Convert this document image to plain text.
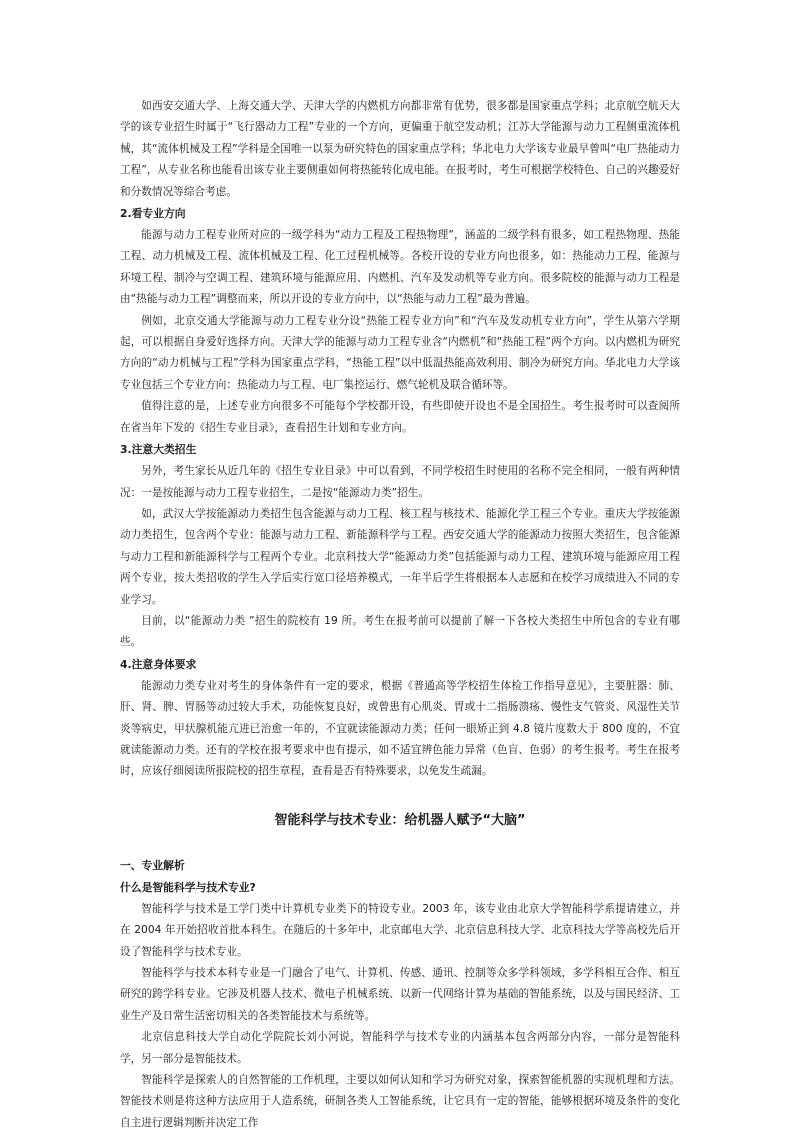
如西安交通大学、上海交通大学、天津大学的内燃机方向都非常有优势，很多都是国家重点学科；北京航空航天大学的该专业招生时属于“飞行器动力工程”专业的一个方向，更偏重于航空发动机；江苏大学能源与动力工程侧重流体机械，其“流体机械及工程”学科是全国唯一以泵为研究特色的国家重点学科；华北电力大学该专业最早曾叫“电厂热能动力工程”，从专业名称也能看出该专业主要侧重如何将热能转化成电能。在报考时，考生可根据学校特色、自己的兴趣爱好和分数情况等综合考虑。

2.看专业方向

能源与动力工程专业所对应的一级学科为“动力工程及工程热物理”，涵盖的二级学科有很多，如工程热物理、热能工程、动力机械及工程、流体机械及工程、化工过程机械等。各校开设的专业方向也很多，如：热能动力工程、能源与环境工程、制冷与空调工程、建筑环境与能源应用、内燃机、汽车及发动机等专业方向。很多院校的能源与动力工程是由“热能与动力工程”调整而来，所以开设的专业方向中，以“热能与动力工程”最为普遍。

例如，北京交通大学能源与动力工程专业分设“热能工程专业方向”和“汽车及发动机专业方向”，学生从第六学期起，可以根据自身爱好选择方向。天津大学的能源与动力工程专业含“内燃机”和“热能工程”两个方向。以内燃机为研究方向的“动力机械与工程”学科为国家重点学科，“热能工程”以中低温热能高效利用、制冷为研究方向。华北电力大学该专业包括三个专业方向：热能动力与工程、电厂集控运行、燃气轮机及联合循环等。

值得注意的是，上述专业方向很多不可能每个学校都开设，有些即使开设也不是全国招生。考生报考时可以查阅所在省当年下发的《招生专业目录》，查看招生计划和专业方向。

3.注意大类招生

另外，考生家长从近几年的《招生专业目录》中可以看到，不同学校招生时使用的名称不完全相同，一般有两种情况：一是按能源与动力工程专业招生，二是按“能源动力类”招生。

如，武汉大学按能源动力类招生包含能源与动力工程、核工程与核技术、能源化学工程三个专业。重庆大学按能源动力类招生，包含两个专业：能源与动力工程、新能源科学与工程。西安交通大学的能源动力按照大类招生，包含能源与动力工程和新能源科学与工程两个专业。北京科技大学“能源动力类”包括能源与动力工程、建筑环境与能源应用工程两个专业，按大类招收的学生入学后实行宽口径培养模式，一年半后学生将根据本人志愿和在校学习成绩进入不同的专业学习。

目前，以“能源动力类 ”招生的院校有 19 所。考生在报考前可以提前了解一下各校大类招生中所包含的专业有哪些。

4.注意身体要求

能源动力类专业对考生的身体条件有一定的要求，根据《普通高等学校招生体检工作指导意见》，主要脏器：肺、肝、肾、脾、胃肠等动过较大手术，功能恢复良好，或曾患有心肌炎、胃或十二指肠溃疡、慢性支气管炎、风湿性关节炎等病史，甲状腺机能亢进已治愈一年的，不宜就读能源动力类；任何一眼矫正到 4.8 镜片度数大于 800 度的，不宜就读能源动力类。还有的学校在报考要求中也有提示，如不适宜辨色能力异常（色盲、色弱）的考生报考。考生在报考时，应该仔细阅读所报院校的招生章程，查看是否有特殊要求，以免发生疏漏。

智能科学与技术专业：给机器人赋予“大脑”
一、专业解析
什么是智能科学与技术专业?

智能科学与技术是工学门类中计算机专业类下的特设专业。2003 年，该专业由北京大学智能科学系提请建立，并在 2004 年开始招收首批本科生。在随后的十多年中，北京邮电大学、北京信息科技大学、北京科技大学等高校先后开设了智能科学与技术专业。

智能科学与技术本科专业是一门融合了电气、计算机、传感、通讯、控制等众多学科领域，多学科相互合作、相互研究的跨学科专业。它涉及机器人技术、微电子机械系统、以新一代网络计算为基础的智能系统，以及与国民经济、工业生产及日常生活密切相关的各类智能技术与系统等。

北京信息科技大学自动化学院院长刘小河说，智能科学与技术专业的内涵基本包含两部分内容，一部分是智能科学，另一部分是智能技术。

智能科学是探索人的自然智能的工作机理，主要以如何认知和学习为研究对象，探索智能机器的实现机理和方法。智能技术则是将这种方法应用于人造系统，研制各类人工智能系统，让它具有一定的智能，能够根据环境及条件的变化自主进行逻辑判断并决定工作
